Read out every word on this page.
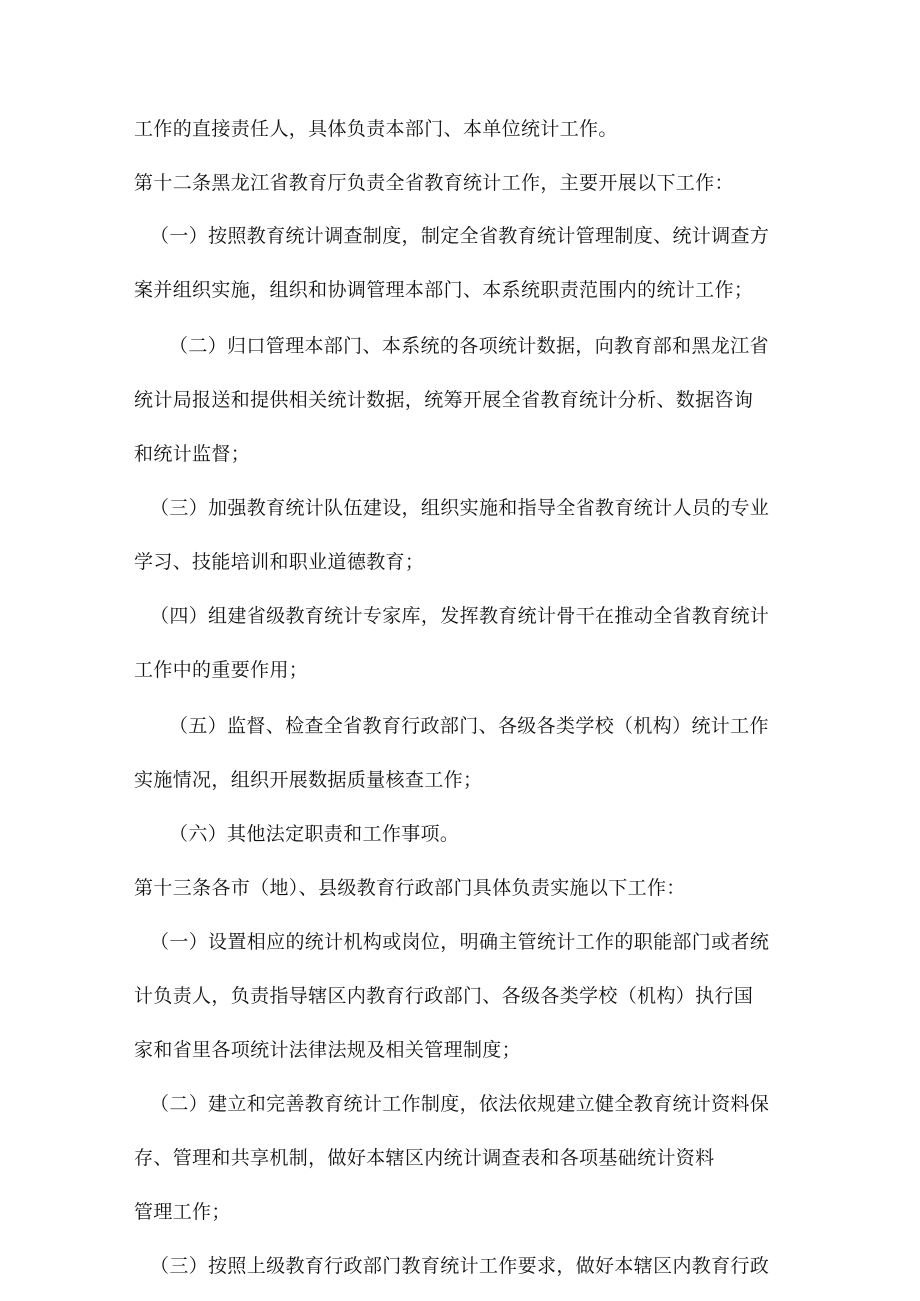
工作的直接责任人，具体负责本部门、本单位统计工作。
第十二条黑龙江省教育厅负责全省教育统计工作，主要开展以下工作：
（一）按照教育统计调查制度，制定全省教育统计管理制度、统计调查方
案并组织实施，组织和协调管理本部门、本系统职责范围内的统计工作；
（二）归口管理本部门、本系统的各项统计数据，向教育部和黑龙江省
统计局报送和提供相关统计数据，统筹开展全省教育统计分析、数据咨询
和统计监督；
（三）加强教育统计队伍建设，组织实施和指导全省教育统计人员的专业
学习、技能培训和职业道德教育；
（四）组建省级教育统计专家库，发挥教育统计骨干在推动全省教育统计
工作中的重要作用；
（五）监督、检查全省教育行政部门、各级各类学校（机构）统计工作
实施情况，组织开展数据质量核查工作；
（六）其他法定职责和工作事项。
第十三条各市（地）、县级教育行政部门具体负责实施以下工作：
（一）设置相应的统计机构或岗位，明确主管统计工作的职能部门或者统
计负责人，负责指导辖区内教育行政部门、各级各类学校（机构）执行国
家和省里各项统计法律法规及相关管理制度；
（二）建立和完善教育统计工作制度，依法依规建立健全教育统计资料保
存、管理和共享机制，做好本辖区内统计调查表和各项基础统计资料
管理工作；
（三）按照上级教育行政部门教育统计工作要求，做好本辖区内教育行政
